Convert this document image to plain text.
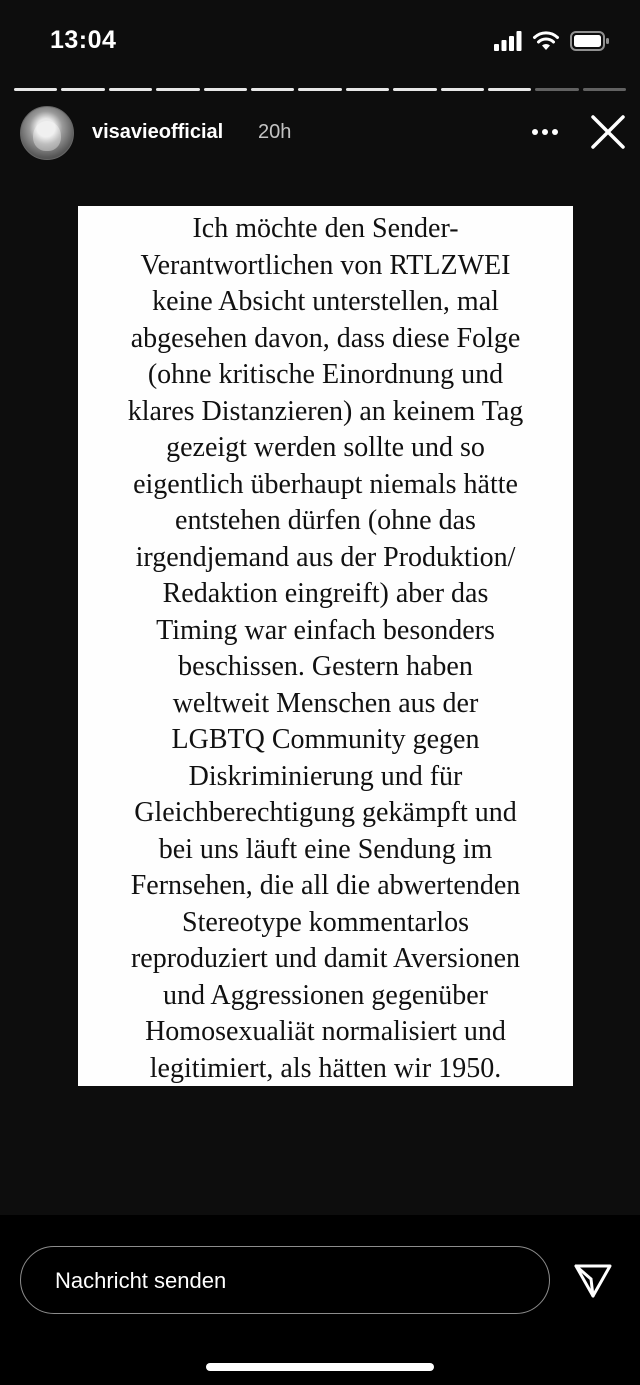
13:04
visavieofficial 20h
Ich möchte den Sender-
Verantwortlichen von RTLZWEI
keine Absicht unterstellen, mal
abgesehen davon, dass diese Folge
(ohne kritische Einordnung und
klares Distanzieren) an keinem Tag
gezeigt werden sollte und so
eigentlich überhaupt niemals hätte
entstehen dürfen (ohne das
irgendjemand aus der Produktion/
Redaktion eingreift) aber das
Timing war einfach besonders
beschissen. Gestern haben
weltweit Menschen aus der
LGBTQ Community gegen
Diskriminierung und für
Gleichberechtigung gekämpft und
bei uns läuft eine Sendung im
Fernsehen, die all die abwertenden
Stereotype kommentarlos
reproduziert und damit Aversionen
und Aggressionen gegenüber
Homosexualiät normalisiert und
legitimiert, als hätten wir 1950.
Nachricht senden
